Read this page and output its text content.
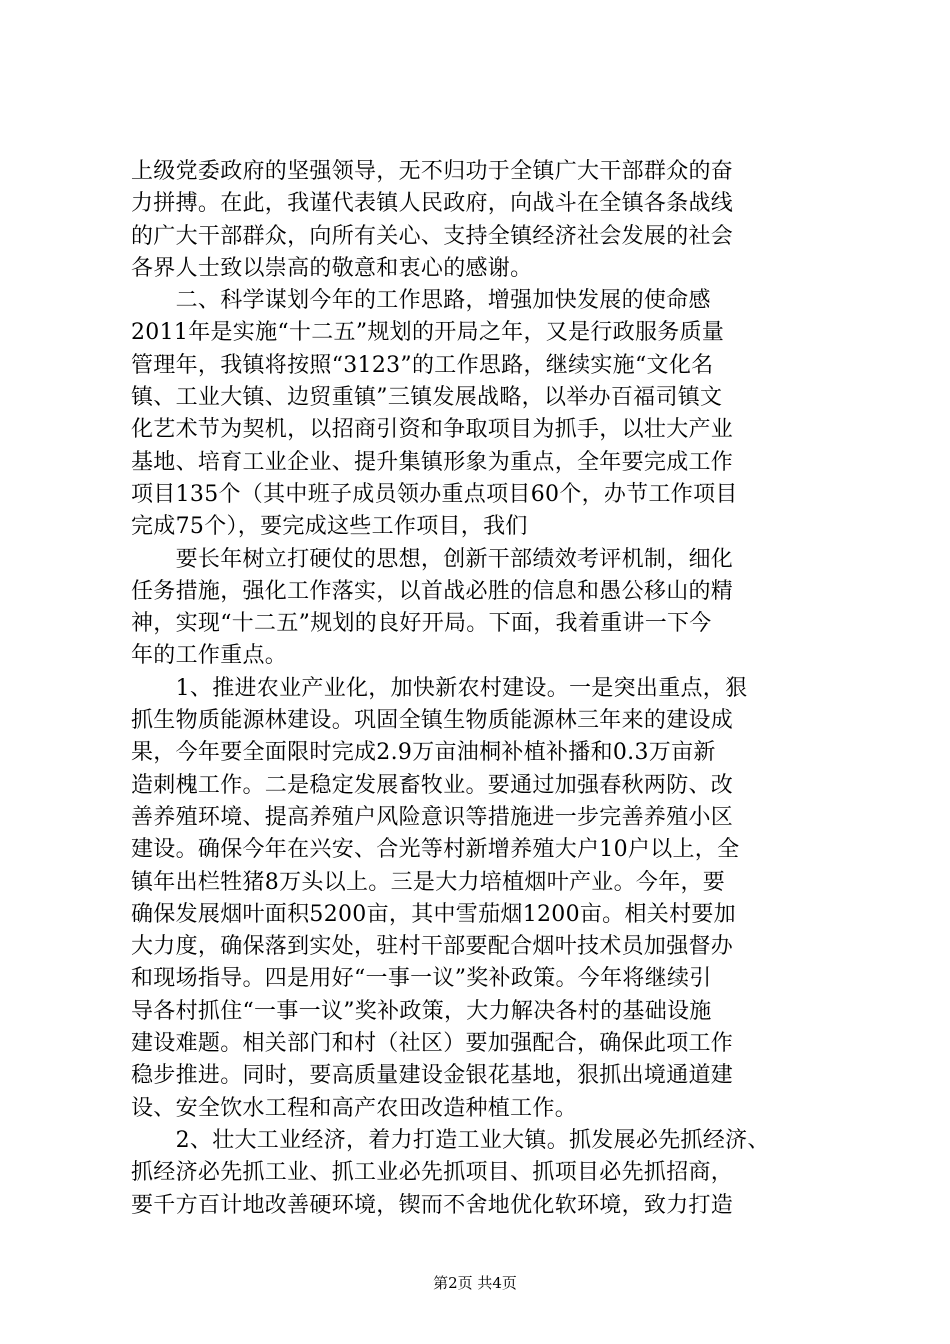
上级党委政府的坚强领导，无不归功于全镇广大干部群众的奋
力拼搏。在此，我谨代表镇人民政府，向战斗在全镇各条战线
的广大干部群众，向所有关心、支持全镇经济社会发展的社会
各界人士致以崇高的敬意和衷心的感谢。
　　二、科学谋划今年的工作思路，增强加快发展的使命感
2011年是实施“十二五”规划的开局之年，又是行政服务质量
管理年，我镇将按照“3123”的工作思路，继续实施“文化名
镇、工业大镇、边贸重镇”三镇发展战略，以举办百福司镇文
化艺术节为契机，以招商引资和争取项目为抓手，以壮大产业
基地、培育工业企业、提升集镇形象为重点，全年要完成工作
项目135个（其中班子成员领办重点项目60个，办节工作项目
完成75个），要完成这些工作项目，我们
　　要长年树立打硬仗的思想，创新干部绩效考评机制，细化
任务措施，强化工作落实，以首战必胜的信息和愚公移山的精
神，实现“十二五”规划的良好开局。下面，我着重讲一下今
年的工作重点。
　　1、推进农业产业化，加快新农村建设。一是突出重点，狠
抓生物质能源林建设。巩固全镇生物质能源林三年来的建设成
果，今年要全面限时完成2.9万亩油桐补植补播和0.3万亩新
造刺槐工作。二是稳定发展畜牧业。要通过加强春秋两防、改
善养殖环境、提高养殖户风险意识等措施进一步完善养殖小区
建设。确保今年在兴安、合光等村新增养殖大户10户以上，全
镇年出栏牲猪8万头以上。三是大力培植烟叶产业。今年，要
确保发展烟叶面积5200亩，其中雪茄烟1200亩。相关村要加
大力度，确保落到实处，驻村干部要配合烟叶技术员加强督办
和现场指导。四是用好“一事一议”奖补政策。今年将继续引
导各村抓住“一事一议”奖补政策，大力解决各村的基础设施
建设难题。相关部门和村（社区）要加强配合，确保此项工作
稳步推进。同时，要高质量建设金银花基地，狠抓出境通道建
设、安全饮水工程和高产农田改造种植工作。
　　2、壮大工业经济，着力打造工业大镇。抓发展必先抓经济、
抓经济必先抓工业、抓工业必先抓项目、抓项目必先抓招商，
要千方百计地改善硬环境，锲而不舍地优化软环境，致力打造
第2页 共4页
